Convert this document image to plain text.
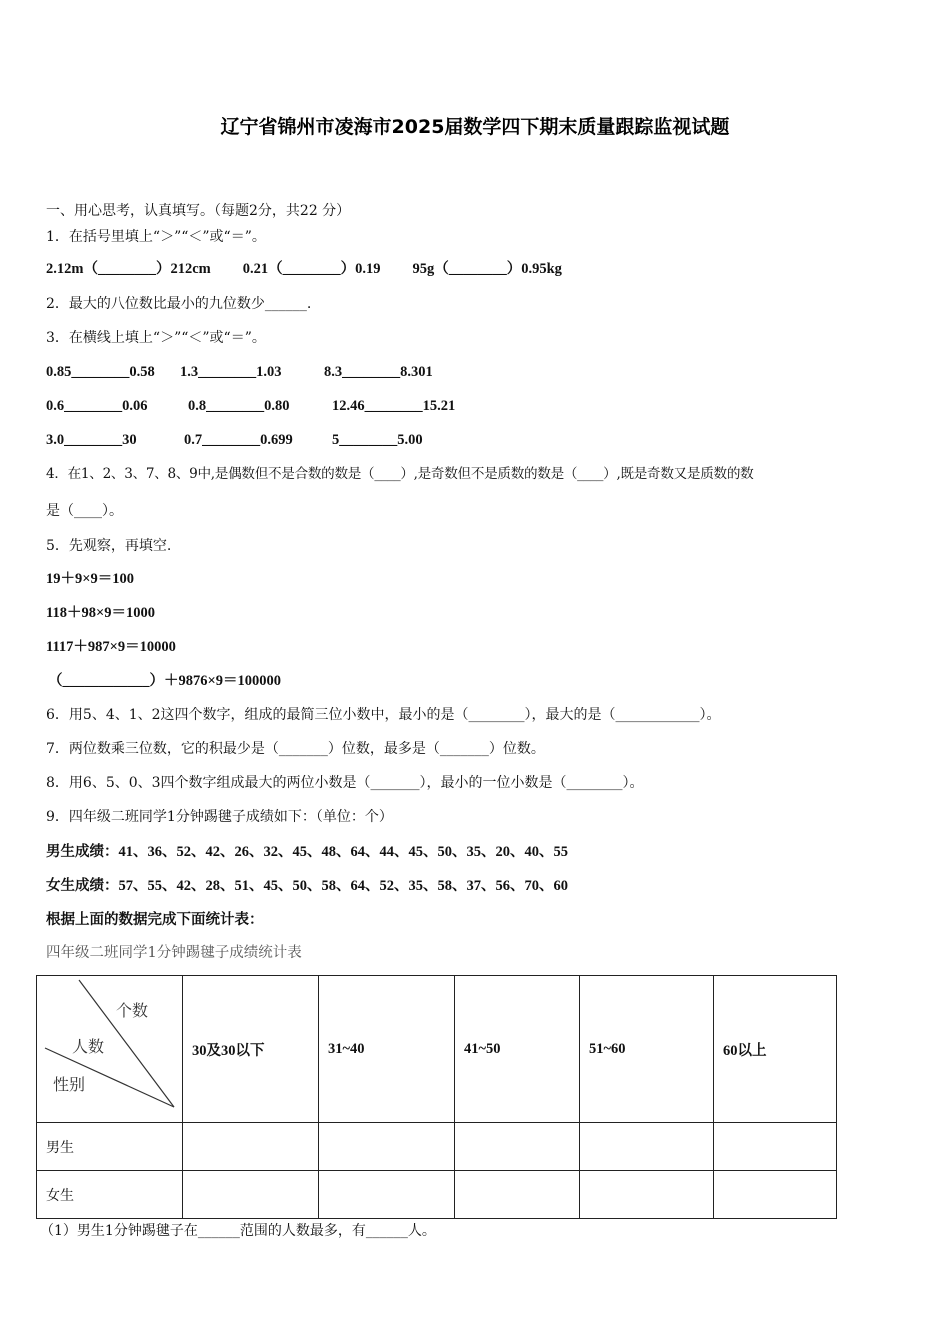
辽宁省锦州市凌海市2025届数学四下期末质量跟踪监视试题
一、用心思考，认真填写。（每题2分，共22 分）
1．在括号里填上“＞”“＜”或“＝”。
2.12m（________）212cm 0.21（________）0.19 95g（________）0.95kg
2．最大的八位数比最小的九位数少______.
3．在横线上填上“＞”“＜”或“＝”。
0.85________0.58 1.3________1.03	8.3________8.301
0.6________0.06	0.8________0.80	12.46________15.21
3.0________30	0.7________0.699	5________5.00
4．在1、2、3、7、8、9中,是偶数但不是合数的数是（____）,是奇数但不是质数的数是（____）,既是奇数又是质数的数
是（____）。
5．先观察，再填空.
19＋9×9＝100
118＋98×9＝1000
1117＋987×9＝10000
（____________）＋9876×9＝100000
6．用5、4、1、2这四个数字，组成的最简三位小数中，最小的是（________），最大的是（____________）。
7．两位数乘三位数，它的积最少是（_______）位数，最多是（_______）位数。
8．用6、5、0、3四个数字组成最大的两位小数是（_______），最小的一位小数是（________）。
9．四年级二班同学1分钟踢毽子成绩如下：（单位：个）
男生成绩：41、36、52、42、26、32、45、48、64、44、45、50、35、20、40、55
女生成绩：57、55、42、28、51、45、50、58、64、52、35、58、37、56、70、60
根据上面的数据完成下面统计表：
四年级二班同学1分钟踢毽子成绩统计表
个数
人数
性别	30及30以下	31~40	41~50	51~60	60以上
男生					
女生					
（1）男生1分钟踢毽子在______范围的人数最多，有______人。
